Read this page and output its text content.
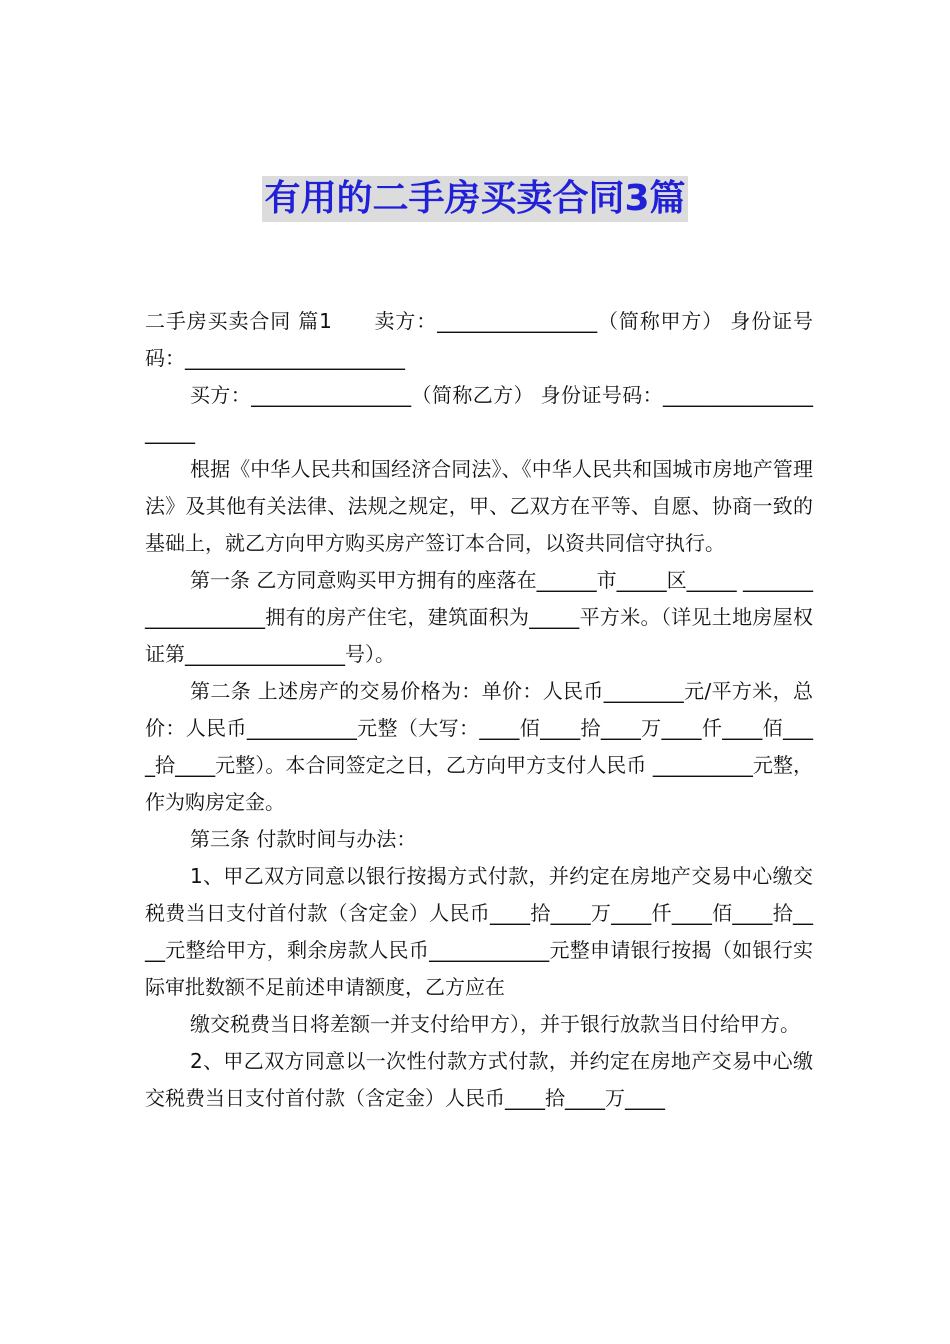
有用的二手房买卖合同3篇

二手房买卖合同 篇1　　卖方：________________（简称甲方） 身份证号码：______________________

买方：________________（简称乙方） 身份证号码：____________________

根据《中华人民共和国经济合同法》、《中华人民共和国城市房地产管理法》及其他有关法律、法规之规定，甲、乙双方在平等、自愿、协商一致的基础上，就乙方向甲方购买房产签订本合同，以资共同信守执行。

第一条 乙方同意购买甲方拥有的座落在______市_____区_____ ___________________拥有的房产住宅，建筑面积为_____平方米。（详见土地房屋权证第________________号）。

第二条 上述房产的交易价格为：单价：人民币________元/平方米，总价：人民币___________元整（大写：____佰____拾____万____仟____佰____拾____元整）。本合同签定之日，乙方向甲方支付人民币 __________元整，作为购房定金。

第三条 付款时间与办法：

1、甲乙双方同意以银行按揭方式付款，并约定在房地产交易中心缴交税费当日支付首付款（含定金）人民币____拾____万____仟____佰____拾____元整给甲方，剩余房款人民币____________元整申请银行按揭（如银行实际审批数额不足前述申请额度，乙方应在

缴交税费当日将差额一并支付给甲方），并于银行放款当日付给甲方。

2、甲乙双方同意以一次性付款方式付款，并约定在房地产交易中心缴交税费当日支付首付款（含定金）人民币____拾____万____
